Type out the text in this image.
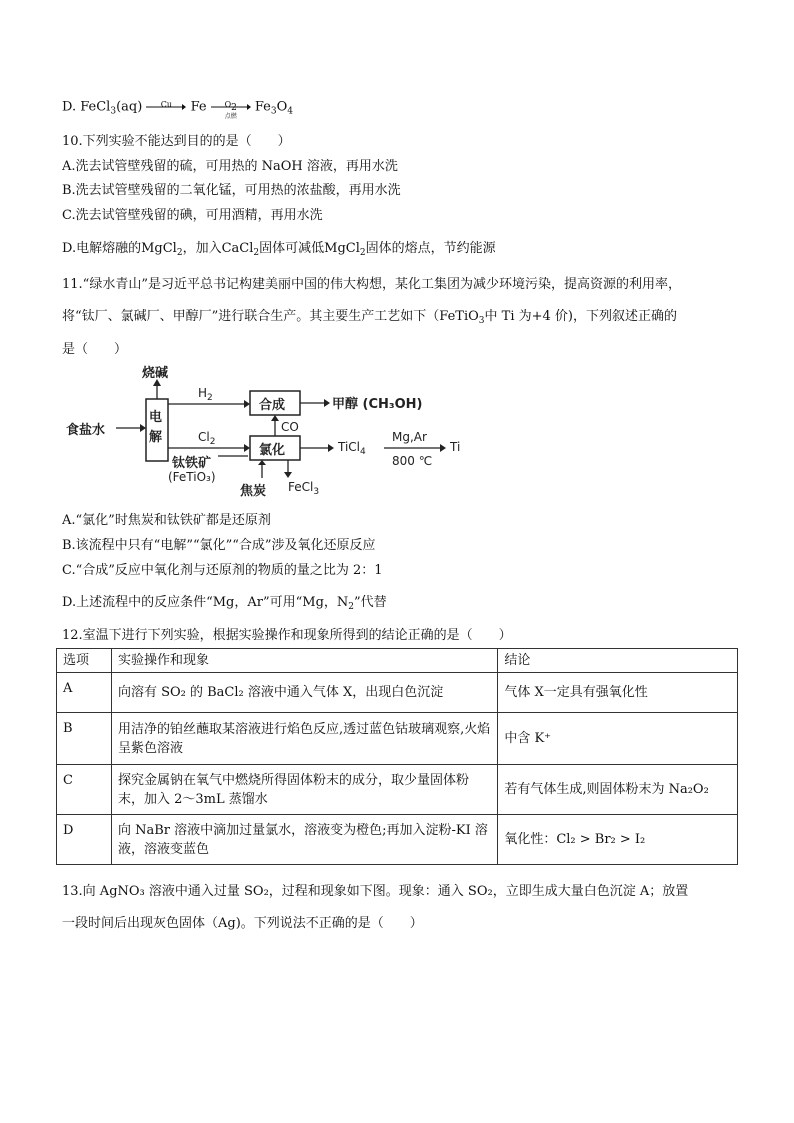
D. FeCl$_3$(aq)	Cu	Fe	$O_2$
点燃
$Fe_3O_4$
10.下列实验不能达到目的的是（　　）
A.洗去试管壁残留的硫，可用热的 NaOH 溶液，再用水洗
B.洗去试管壁残留的二氧化锰，可用热的浓盐酸，再用水洗
C.洗去试管壁残留的碘，可用酒精，再用水洗
D.电解熔融的MgCl$_2$，加入CaCl$_2$固体可减低MgCl$_2$固体的熔点，节约能源
11.“绿水青山”是习近平总书记构建美丽中国的伟大构想，某化工集团为减少环境污染，提高资源的利用率，
将“钛厂、氯碱厂、甲醇厂”进行联合生产。其主要生产工艺如下（FeTiO$_3$中 Ti 为+4 价)，下列叙述正确的
是（　　）
烧碱
食盐水
电
解
$H_2$
$Cl_2$
合成	甲醇 (CH₃OH)
CO
氯化
钛铁矿
(FeTiO₃)
焦炭 FeCl$_3$
TiCl$_4$
Mg,Ar
800 ℃
Ti
A.“氯化”时焦炭和钛铁矿都是还原剂
B.该流程中只有“电解”“氯化”“合成”涉及氧化还原反应
C.“合成”反应中氧化剂与还原剂的物质的量之比为 2：1
D.上述流程中的反应条件“Mg，Ar”可用“Mg，$N_2$”代替
12.室温下进行下列实验，根据实验操作和现象所得到的结论正确的是（　　）
选项	实验操作和现象	结论
A	向溶有 SO₂ 的 BaCl₂ 溶液中通入气体 X，出现白色沉淀	气体 X一定具有强氧化性
B	用洁净的铂丝蘸取某溶液进行焰色反应,透过蓝色钴玻璃观察,火焰呈紫色溶液	中含 K⁺
C	探究金属钠在氧气中燃烧所得固体粉末的成分，取少量固体粉末，加入 2～3mL 蒸馏水	若有气体生成,则固体粉末为 Na₂O₂
D	向 NaBr 溶液中滴加过量氯水，溶液变为橙色;再加入淀粉-KI 溶液，溶液变蓝色	氧化性：Cl₂ > Br₂ > I₂
13.向 AgNO₃ 溶液中通入过量 SO₂，过程和现象如下图。现象：通入 SO₂，立即生成大量白色沉淀 A；放置
一段时间后出现灰色固体（Ag)。下列说法不正确的是（　　）
